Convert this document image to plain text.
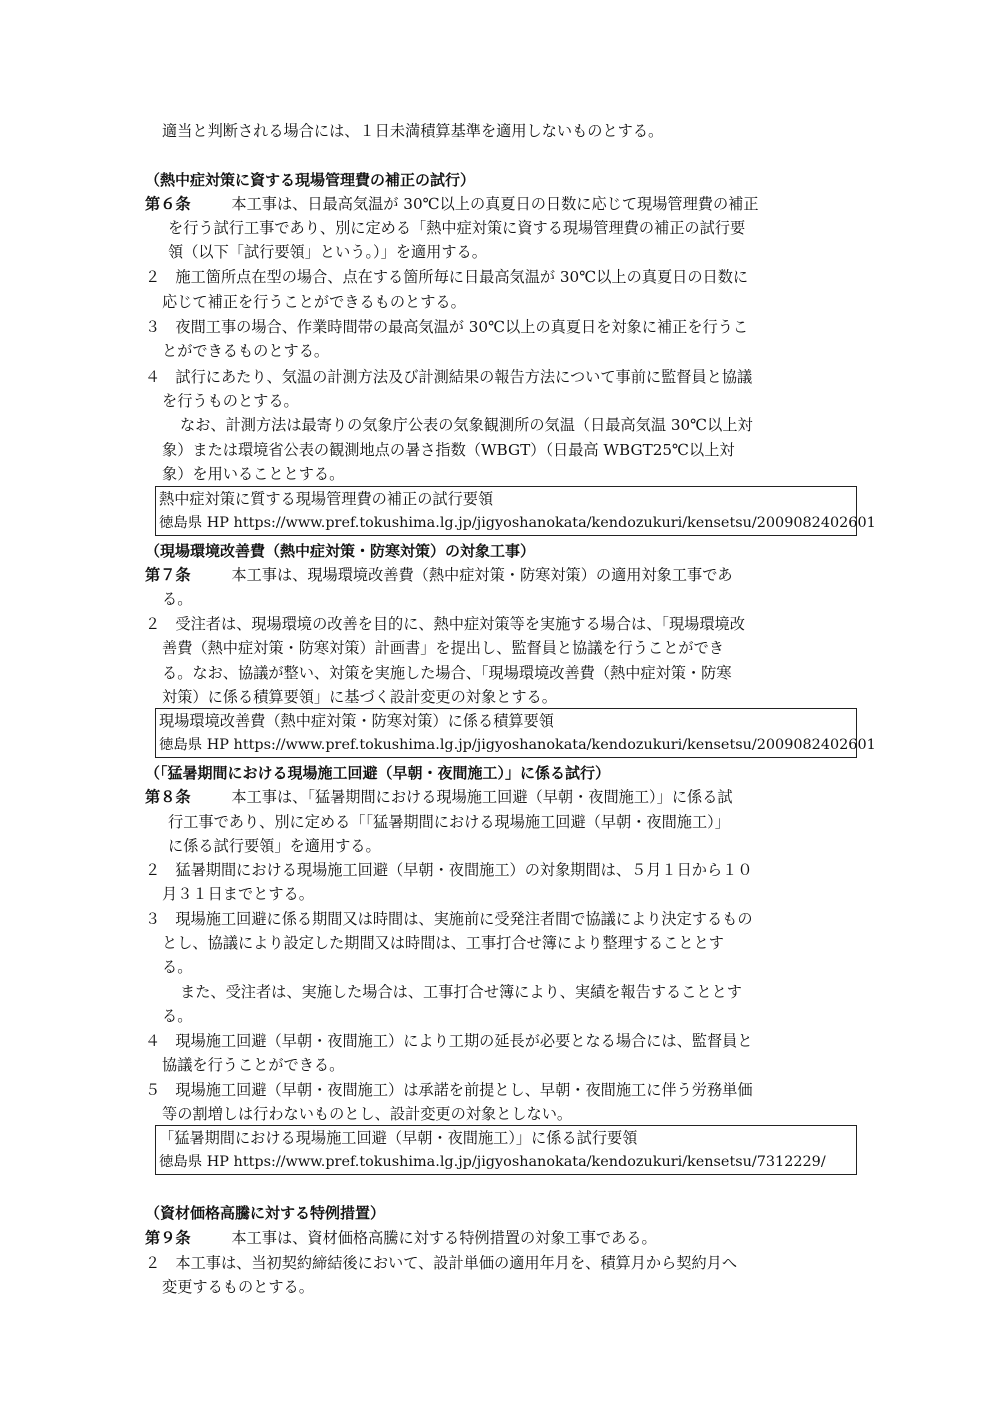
適当と判断される場合には、１日未満積算基準を適用しないものとする。
（熱中症対策に資する現場管理費の補正の試行）
第６条	本工事は、日最高気温が 30℃以上の真夏日の日数に応じて現場管理費の補正
を行う試行工事であり、別に定める「熱中症対策に資する現場管理費の補正の試行要
領（以下「試行要領」という。）」を適用する。
２　施工箇所点在型の場合、点在する箇所毎に日最高気温が 30℃以上の真夏日の日数に
応じて補正を行うことができるものとする。
３　夜間工事の場合、作業時間帯の最高気温が 30℃以上の真夏日を対象に補正を行うこ
とができるものとする。
４　試行にあたり、気温の計測方法及び計測結果の報告方法について事前に監督員と協議
を行うものとする。
なお、計測方法は最寄りの気象庁公表の気象観測所の気温（日最高気温 30℃以上対
象）または環境省公表の観測地点の暑さ指数（WBGT）（日最高 WBGT25℃以上対
象）を用いることとする。
熱中症対策に質する現場管理費の補正の試行要領
徳島県 HP https://www.pref.tokushima.lg.jp/jigyoshanokata/kendozukuri/kensetsu/2009082402601
（現場環境改善費（熱中症対策・防寒対策）の対象工事）
第７条	本工事は、現場環境改善費（熱中症対策・防寒対策）の適用対象工事であ
る。
２　受注者は、現場環境の改善を目的に、熱中症対策等を実施する場合は、「現場環境改
善費（熱中症対策・防寒対策）計画書」を提出し、監督員と協議を行うことができ
る。なお、協議が整い、対策を実施した場合、「現場環境改善費（熱中症対策・防寒
対策）に係る積算要領」に基づく設計変更の対象とする。
現場環境改善費（熱中症対策・防寒対策）に係る積算要領
徳島県 HP https://www.pref.tokushima.lg.jp/jigyoshanokata/kendozukuri/kensetsu/2009082402601
（「猛暑期間における現場施工回避（早朝・夜間施工）」に係る試行）
第８条	本工事は、「猛暑期間における現場施工回避（早朝・夜間施工）」に係る試
行工事であり、別に定める「「猛暑期間における現場施工回避（早朝・夜間施工）」
に係る試行要領」を適用する。
２　猛暑期間における現場施工回避（早朝・夜間施工）の対象期間は、５月１日から１０
月３１日までとする。
３　現場施工回避に係る期間又は時間は、実施前に受発注者間で協議により決定するもの
とし、協議により設定した期間又は時間は、工事打合せ簿により整理することとす
る。
また、受注者は、実施した場合は、工事打合せ簿により、実績を報告することとす
る。
４　現場施工回避（早朝・夜間施工）により工期の延長が必要となる場合には、監督員と
協議を行うことができる。
５　現場施工回避（早朝・夜間施工）は承諾を前提とし、早朝・夜間施工に伴う労務単価
等の割増しは行わないものとし、設計変更の対象としない。
「猛暑期間における現場施工回避（早朝・夜間施工）」に係る試行要領
徳島県 HP https://www.pref.tokushima.lg.jp/jigyoshanokata/kendozukuri/kensetsu/7312229/
（資材価格高騰に対する特例措置）
第９条	本工事は、資材価格高騰に対する特例措置の対象工事である。
２　本工事は、当初契約締結後において、設計単価の適用年月を、積算月から契約月へ
変更するものとする。
